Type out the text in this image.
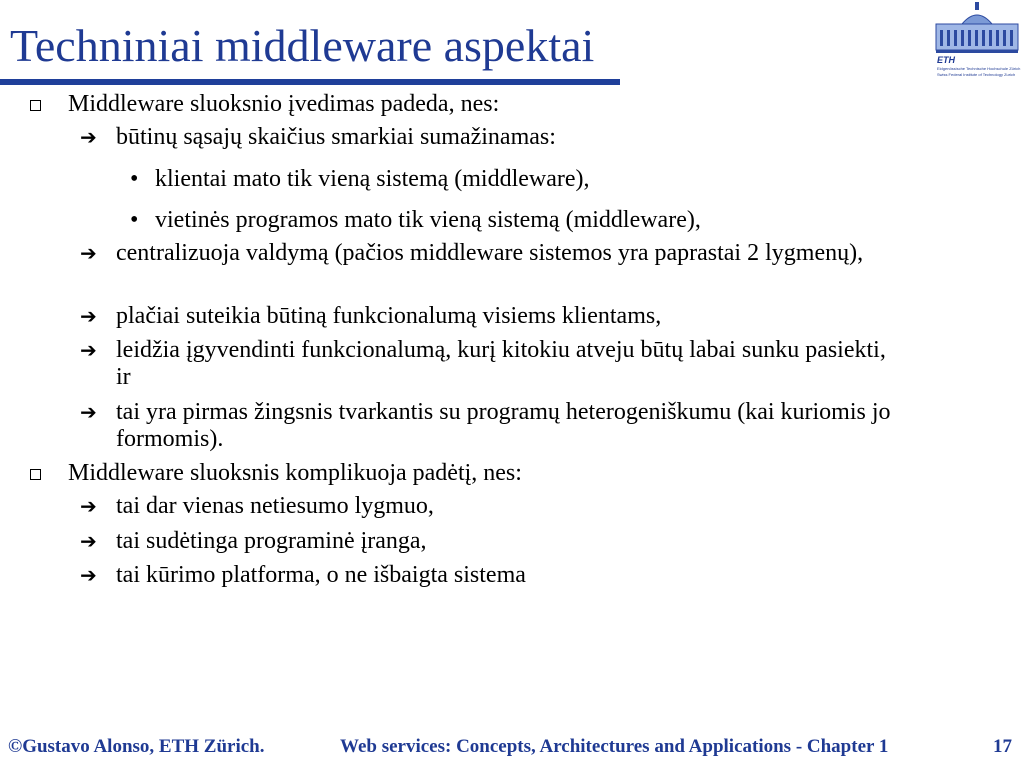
Techniniai middleware aspektai	ETH
Eidgenössische Technische Hochschule Zürich
Swiss Federal Institute of Technology Zurich
Middleware sluoksnio įvedimas padeda, nes:
➔ būtinų sąsajų skaičius smarkiai sumažinamas:
• klientai mato tik vieną sistemą (middleware),
• vietinės programos mato tik vieną sistemą (middleware),
➔ centralizuoja valdymą (pačios middleware sistemos yra paprastai 2 lygmenų),
➔ plačiai suteikia būtiną funkcionalumą visiems klientams,
➔ leidžia įgyvendinti funkcionalumą, kurį kitokiu atveju būtų labai sunku pasiekti, ir
➔ tai yra pirmas žingsnis tvarkantis su programų heterogeniškumu (kai kuriomis jo formomis).
Middleware sluoksnis komplikuoja padėtį, nes:
➔ tai dar vienas netiesumo lygmuo,
➔ tai sudėtinga programinė įranga,
➔ tai kūrimo platforma, o ne išbaigta sistema
©Gustavo Alonso, ETH Zürich.	Web services: Concepts, Architectures and Applications - Chapter 1	17
